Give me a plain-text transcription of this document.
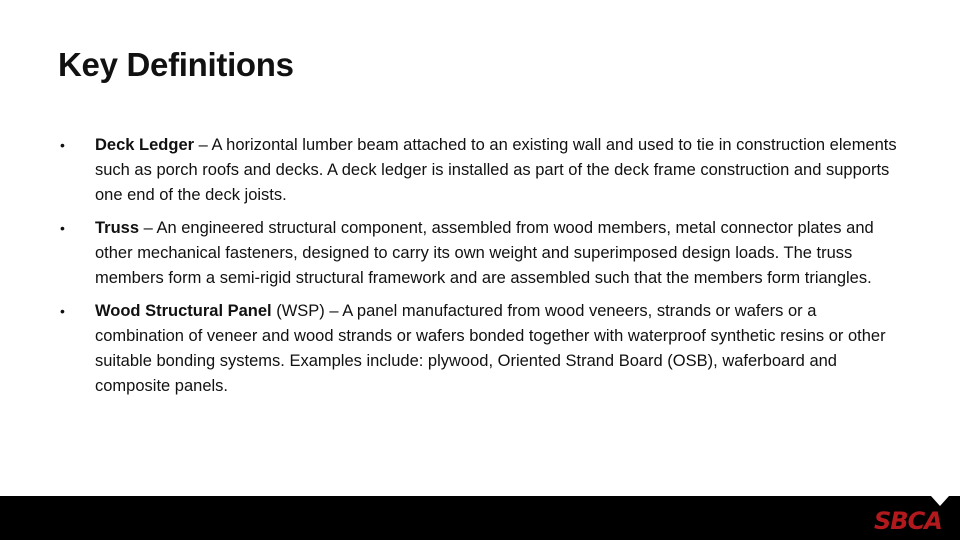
Key Definitions
• Deck Ledger – A horizontal lumber beam attached to an existing wall and used to tie in construction elements such as porch roofs and decks. A deck ledger is installed as part of the deck frame construction and supports one end of the deck joists.
• Truss – An engineered structural component, assembled from wood members, metal connector plates and other mechanical fasteners, designed to carry its own weight and superimposed design loads. The truss members form a semi-rigid structural framework and are assembled such that the members form triangles.
• Wood Structural Panel (WSP) – A panel manufactured from wood veneers, strands or wafers or a combination of veneer and wood strands or wafers bonded together with waterproof synthetic resins or other suitable bonding systems. Examples include: plywood, Oriented Strand Board (OSB), waferboard and composite panels.
SBCA
